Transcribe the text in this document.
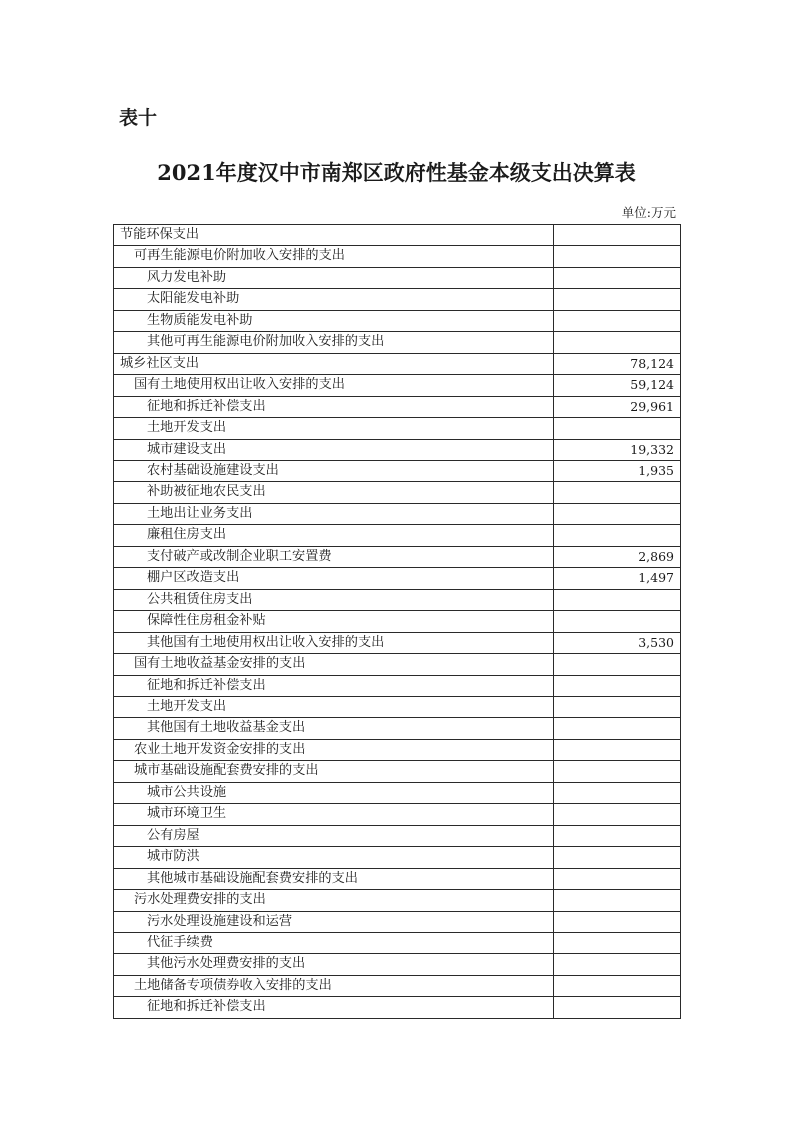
表十
2021年度汉中市南郑区政府性基金本级支出决算表
单位:万元
节能环保支出
可再生能源电价附加收入安排的支出
风力发电补助
太阳能发电补助
生物质能发电补助
其他可再生能源电价附加收入安排的支出
城乡社区支出	78,124
国有土地使用权出让收入安排的支出	59,124
征地和拆迁补偿支出	29,961
土地开发支出
城市建设支出	19,332
农村基础设施建设支出	1,935
补助被征地农民支出
土地出让业务支出
廉租住房支出
支付破产或改制企业职工安置费	2,869
棚户区改造支出	1,497
公共租赁住房支出
保障性住房租金补贴
其他国有土地使用权出让收入安排的支出	3,530
国有土地收益基金安排的支出
征地和拆迁补偿支出
土地开发支出
其他国有土地收益基金支出
农业土地开发资金安排的支出
城市基础设施配套费安排的支出
城市公共设施
城市环境卫生
公有房屋
城市防洪
其他城市基础设施配套费安排的支出
污水处理费安排的支出
污水处理设施建设和运营
代征手续费
其他污水处理费安排的支出
土地储备专项债券收入安排的支出
征地和拆迁补偿支出
